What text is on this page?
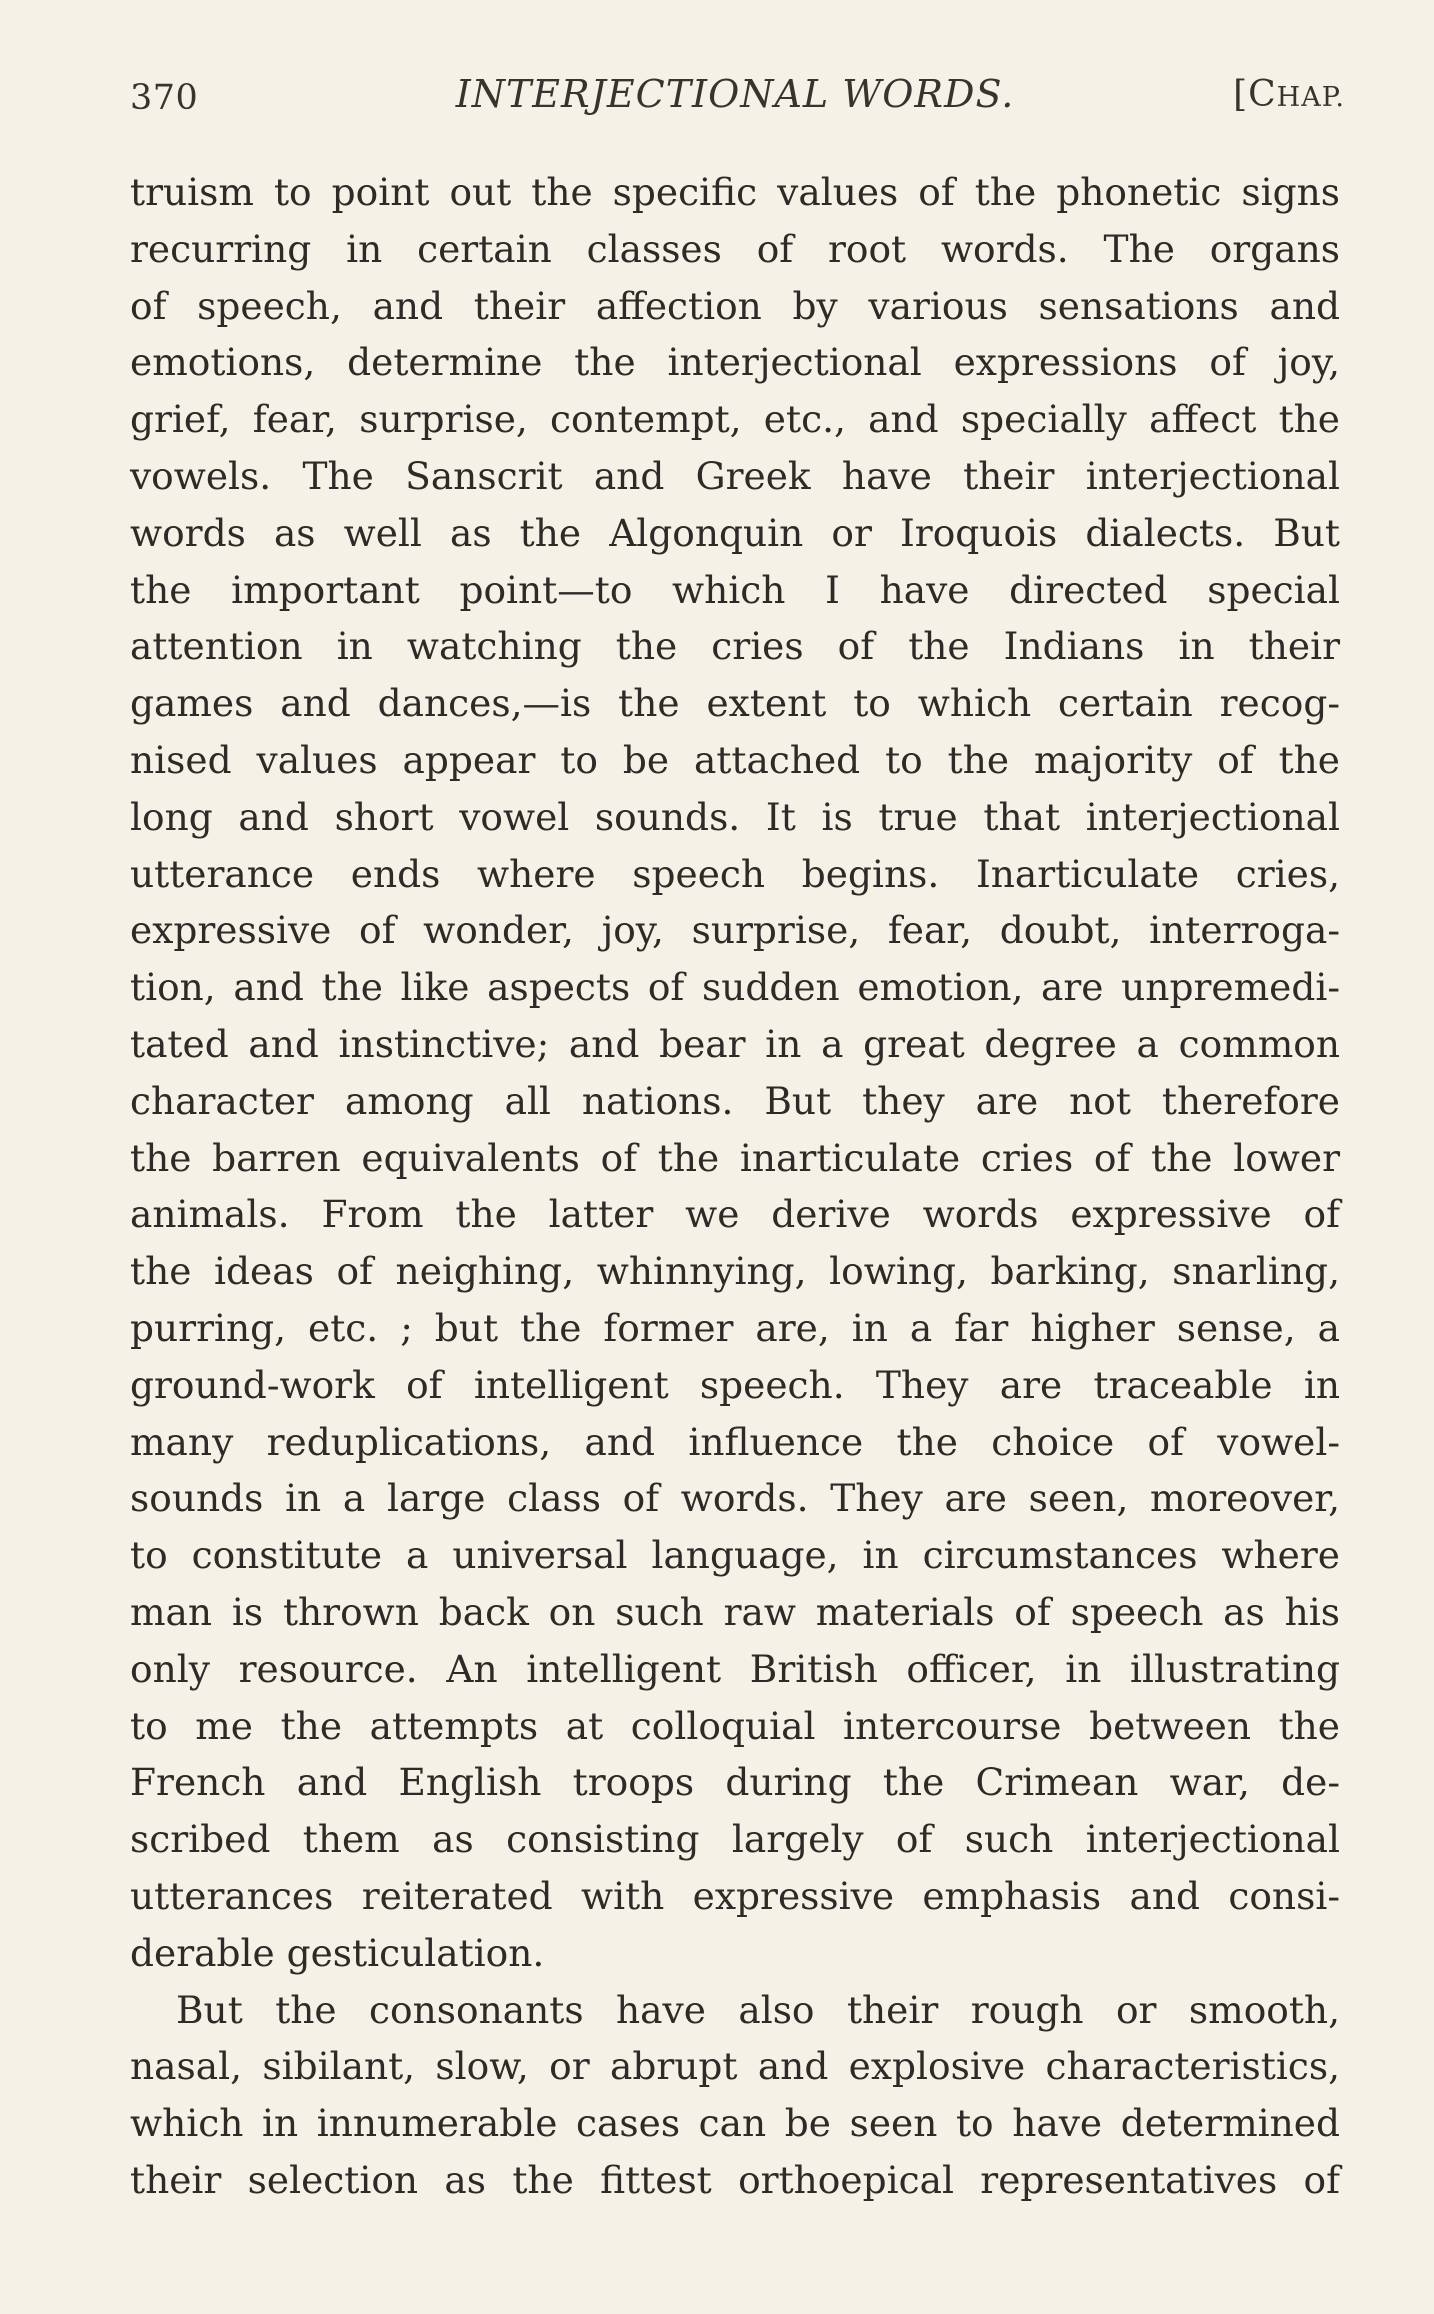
370	INTERJECTIONAL WORDS.	[CHAP.
truism to point out the specific values of the phonetic signs
recurring in certain classes of root words. The organs
of speech, and their affection by various sensations and
emotions, determine the interjectional expressions of joy,
grief, fear, surprise, contempt, etc., and specially affect the
vowels. The Sanscrit and Greek have their interjectional
words as well as the Algonquin or Iroquois dialects. But
the important point—to which I have directed special
attention in watching the cries of the Indians in their
games and dances,—is the extent to which certain recog-
nised values appear to be attached to the majority of the
long and short vowel sounds. It is true that interjectional
utterance ends where speech begins. Inarticulate cries,
expressive of wonder, joy, surprise, fear, doubt, interroga-
tion, and the like aspects of sudden emotion, are unpremedi-
tated and instinctive; and bear in a great degree a common
character among all nations. But they are not therefore
the barren equivalents of the inarticulate cries of the lower
animals. From the latter we derive words expressive of
the ideas of neighing, whinnying, lowing, barking, snarling,
purring, etc. ; but the former are, in a far higher sense, a
ground-work of intelligent speech. They are traceable in
many reduplications, and influence the choice of vowel-
sounds in a large class of words. They are seen, moreover,
to constitute a universal language, in circumstances where
man is thrown back on such raw materials of speech as his
only resource. An intelligent British officer, in illustrating
to me the attempts at colloquial intercourse between the
French and English troops during the Crimean war, de-
scribed them as consisting largely of such interjectional
utterances reiterated with expressive emphasis and consi-
derable gesticulation.
But the consonants have also their rough or smooth,
nasal, sibilant, slow, or abrupt and explosive characteristics,
which in innumerable cases can be seen to have determined
their selection as the fittest orthoepical representatives of
